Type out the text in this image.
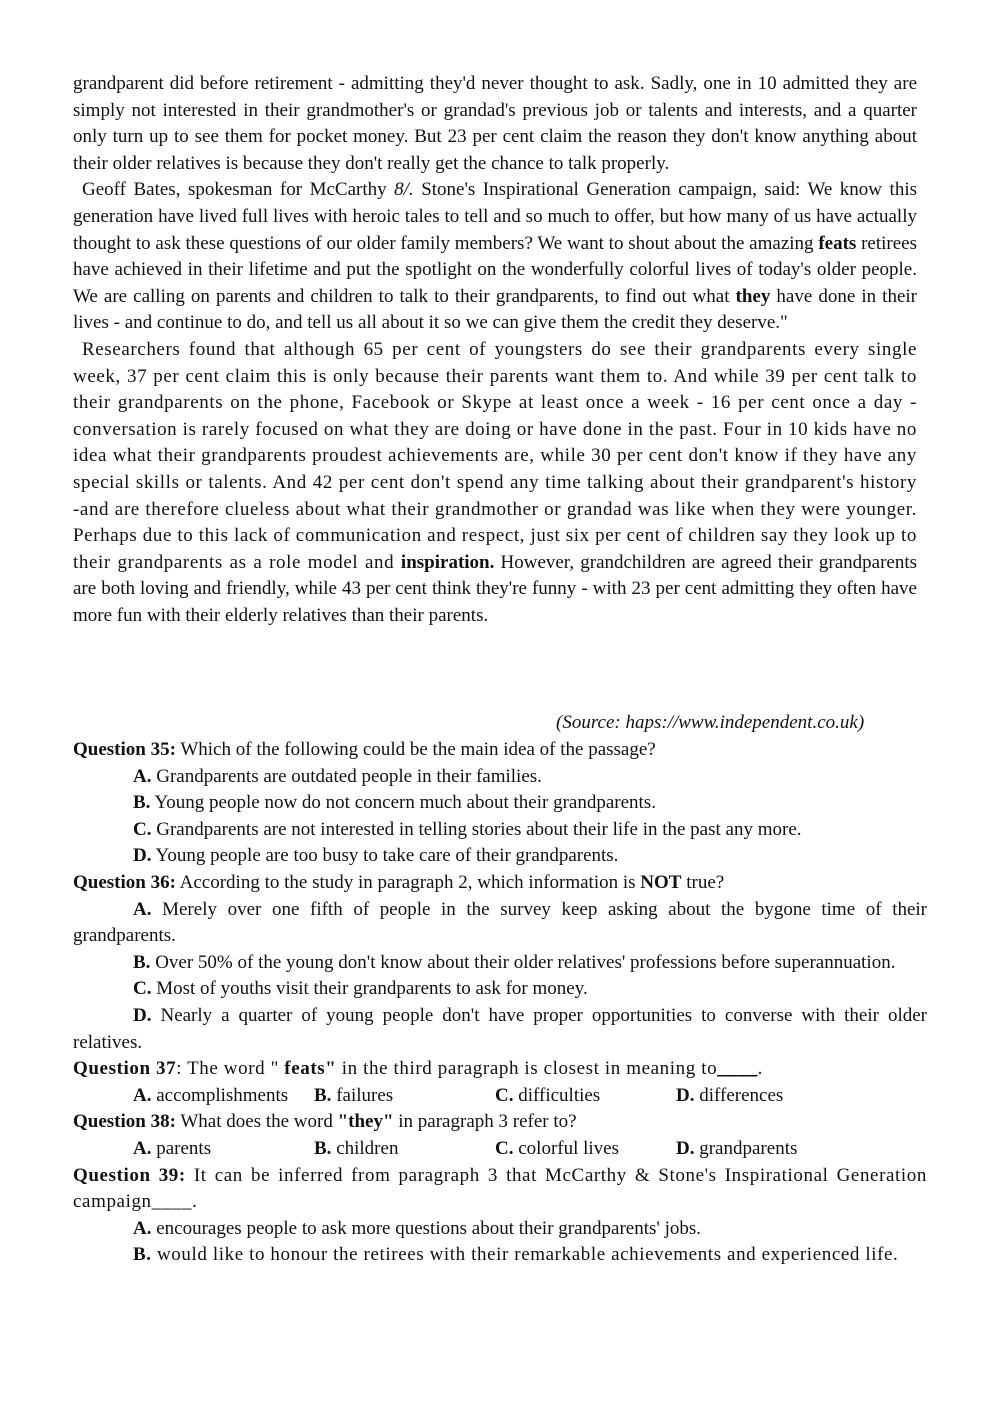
grandparent did before retirement - admitting they'd never thought to ask. Sadly, one in 10 admitted they are simply not interested in their grandmother's or grandad's previous job or talents and interests, and a quarter only turn up to see them for pocket money. But 23 per cent claim the reason they don't know anything about their older relatives is because they don't really get the chance to talk properly.

Geoff Bates, spokesman for McCarthy 8/. Stone's Inspirational Generation campaign, said: We know this generation have lived full lives with heroic tales to tell and so much to offer, but how many of us have actually thought to ask these questions of our older family members? We want to shout about the amazing feats retirees have achieved in their lifetime and put the spotlight on the wonderfully colorful lives of today's older people. We are calling on parents and children to talk to their grandparents, to find out what they have done in their lives - and continue to do, and tell us all about it so we can give them the credit they deserve."

Researchers found that although 65 per cent of youngsters do see their grandparents every single week, 37 per cent claim this is only because their parents want them to. And while 39 per cent talk to their grandparents on the phone, Facebook or Skype at least once a week - 16 per cent once a day - conversation is rarely focused on what they are doing or have done in the past. Four in 10 kids have no idea what their grandparents proudest achievements are, while 30 per cent don't know if they have any special skills or talents. And 42 per cent don't spend any time talking about their grandparent's history -and are therefore clueless about what their grandmother or grandad was like when they were younger. Perhaps due to this lack of communication and respect, just six per cent of children say they look up to their grandparents as a role model and inspiration. However, grandchildren are agreed their grandparents are both loving and friendly, while 43 per cent think they're funny - with 23 per cent admitting they often have more fun with their elderly relatives than their parents.

(Source: haps://www.independent.co.uk)

Question 35: Which of the following could be the main idea of the passage?

A. Grandparents are outdated people in their families.

B. Young people now do not concern much about their grandparents.

C. Grandparents are not interested in telling stories about their life in the past any more.

D. Young people are too busy to take care of their grandparents.

Question 36: According to the study in paragraph 2, which information is NOT true?

A. Merely over one fifth of people in the survey keep asking about the bygone time of their grandparents.

B. Over 50% of the young don't know about their older relatives' professions before superannuation.

C. Most of youths visit their grandparents to ask for money.

D. Nearly a quarter of young people don't have proper opportunities to converse with their older relatives.

Question 37: The word " feats" in the third paragraph is closest in meaning to____.

A. accomplishments	B. failures	C. difficulties	D. differences

Question 38: What does the word "they" in paragraph 3 refer to?

A. parents	B. children	C. colorful lives	D. grandparents

Question 39: It can be inferred from paragraph 3 that McCarthy & Stone's Inspirational Generation campaign____.

A. encourages people to ask more questions about their grandparents' jobs.

B. would like to honour the retirees with their remarkable achievements and experienced life.
